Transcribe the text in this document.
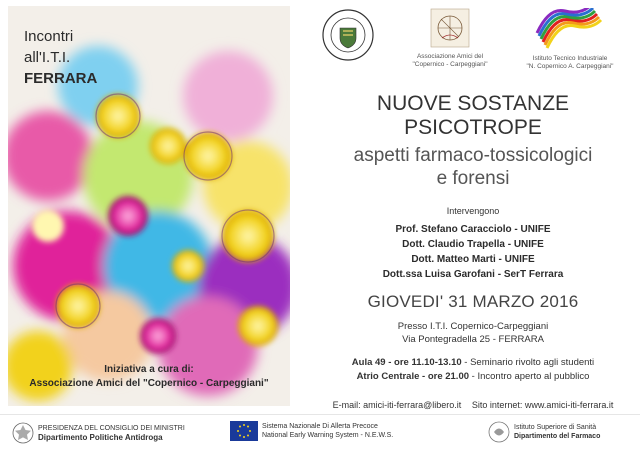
Incontri
all'I.T.I.
FERRARA
Iniziativa a cura di:
Associazione Amici del "Copernico - Carpeggiani"
Associazione Amici del
"Copernico - Carpeggiani"
Istituto Tecnico Industriale
"N. Copernico A. Carpeggiani"
NUOVE SOSTANZE
PSICOTROPE
aspetti farmaco-tossicologici
e forensi
Intervengono
Prof. Stefano Caracciolo - UNIFE
Dott. Claudio Trapella - UNIFE
Dott. Matteo Marti - UNIFE
Dott.ssa Luisa Garofani - SerT Ferrara
GIOVEDI' 31 MARZO 2016
Presso I.T.I. Copernico-Carpeggiani
Via Pontegradella 25 - FERRARA
Aula 49 - ore 11.10-13.10 - Seminario rivolto agli studenti
Atrio Centrale - ore 21.00 - Incontro aperto al pubblico
E-mail: amici-iti-ferrara@libero.it Sito internet: www.amici-iti-ferrara.it
PRESIDENZA DEL CONSIGLIO DEI MINISTRI
Dipartimento Politiche Antidroga
Sistema Nazionale Di Allerta Precoce
National Early Warning System - N.E.W.S.
Istituto Superiore di Sanità
Dipartimento del Farmaco
